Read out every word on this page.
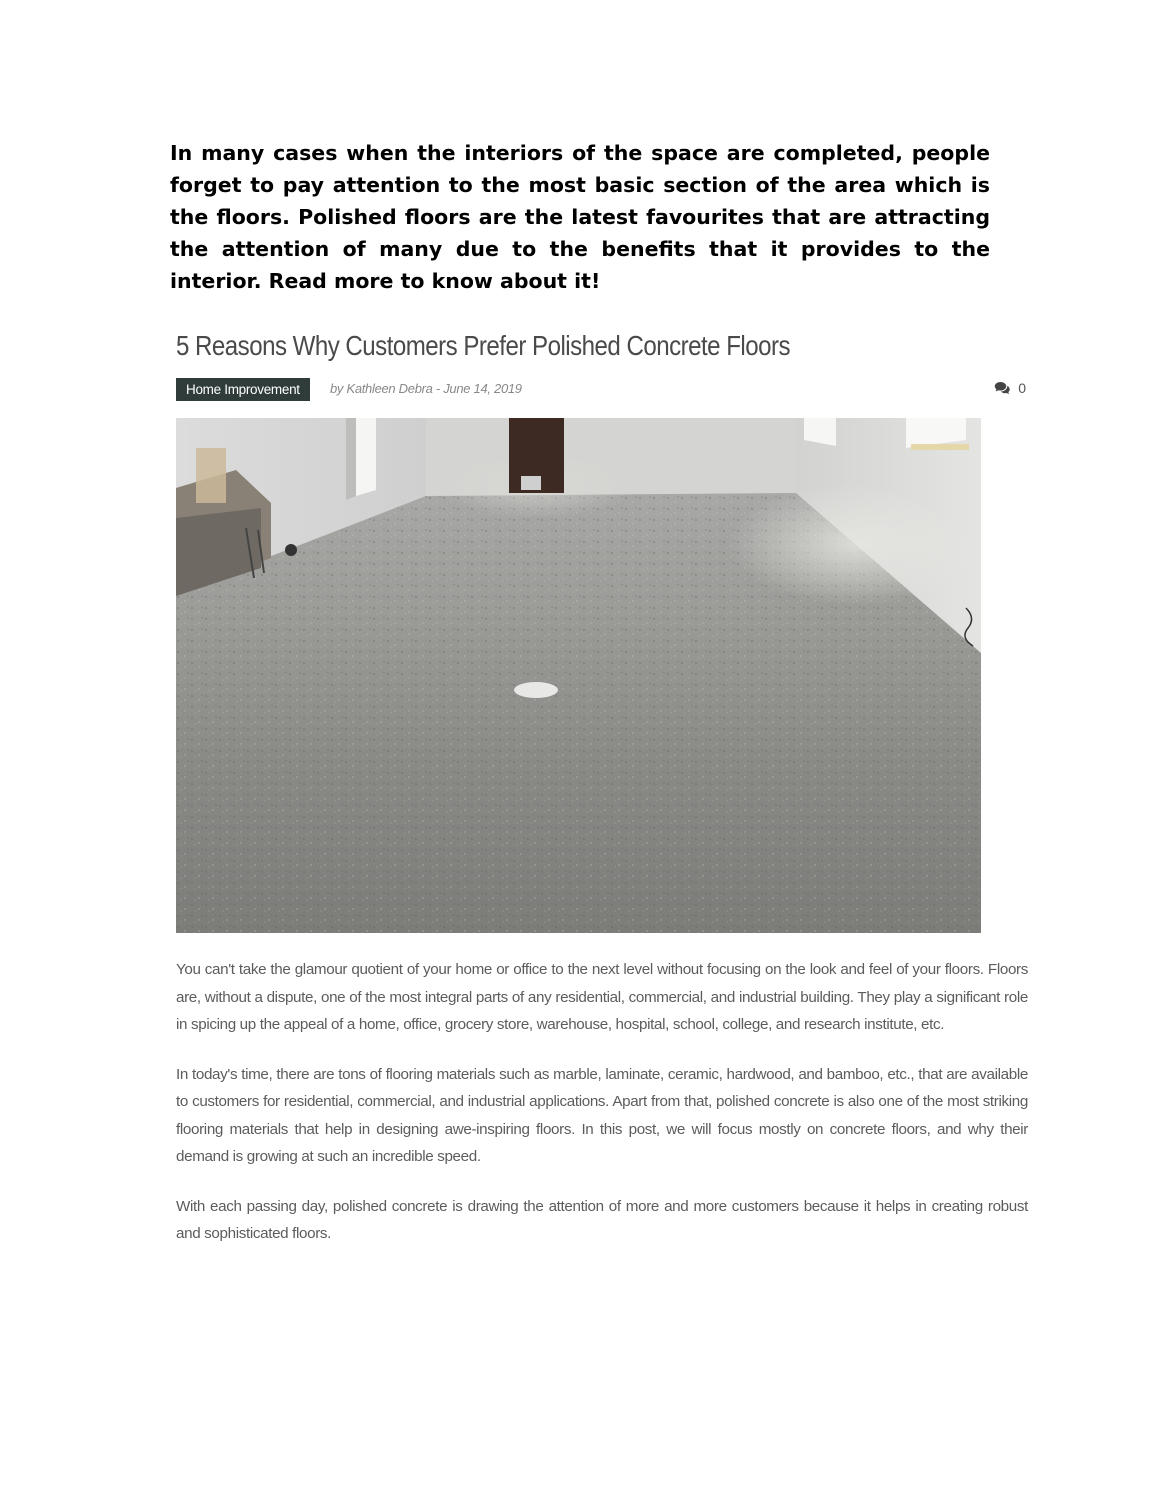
In many cases when the interiors of the space are completed, people forget to pay attention to the most basic section of the area which is the floors. Polished floors are the latest favourites that are attracting the attention of many due to the benefits that it provides to the interior. Read more to know about it!

5 Reasons Why Customers Prefer Polished Concrete Floors
Home Improvement	by Kathleen Debra - June 14, 2019	0

You can't take the glamour quotient of your home or office to the next level without focusing on the look and feel of your floors. Floors are, without a dispute, one of the most integral parts of any residential, commercial, and industrial building. They play a significant role in spicing up the appeal of a home, office, grocery store, warehouse, hospital, school, college, and research institute, etc.

In today's time, there are tons of flooring materials such as marble, laminate, ceramic, hardwood, and bamboo, etc., that are available to customers for residential, commercial, and industrial applications. Apart from that, polished concrete is also one of the most striking flooring materials that help in designing awe-inspiring floors. In this post, we will focus mostly on concrete floors, and why their demand is growing at such an incredible speed.

With each passing day, polished concrete is drawing the attention of more and more customers because it helps in creating robust and sophisticated floors.
